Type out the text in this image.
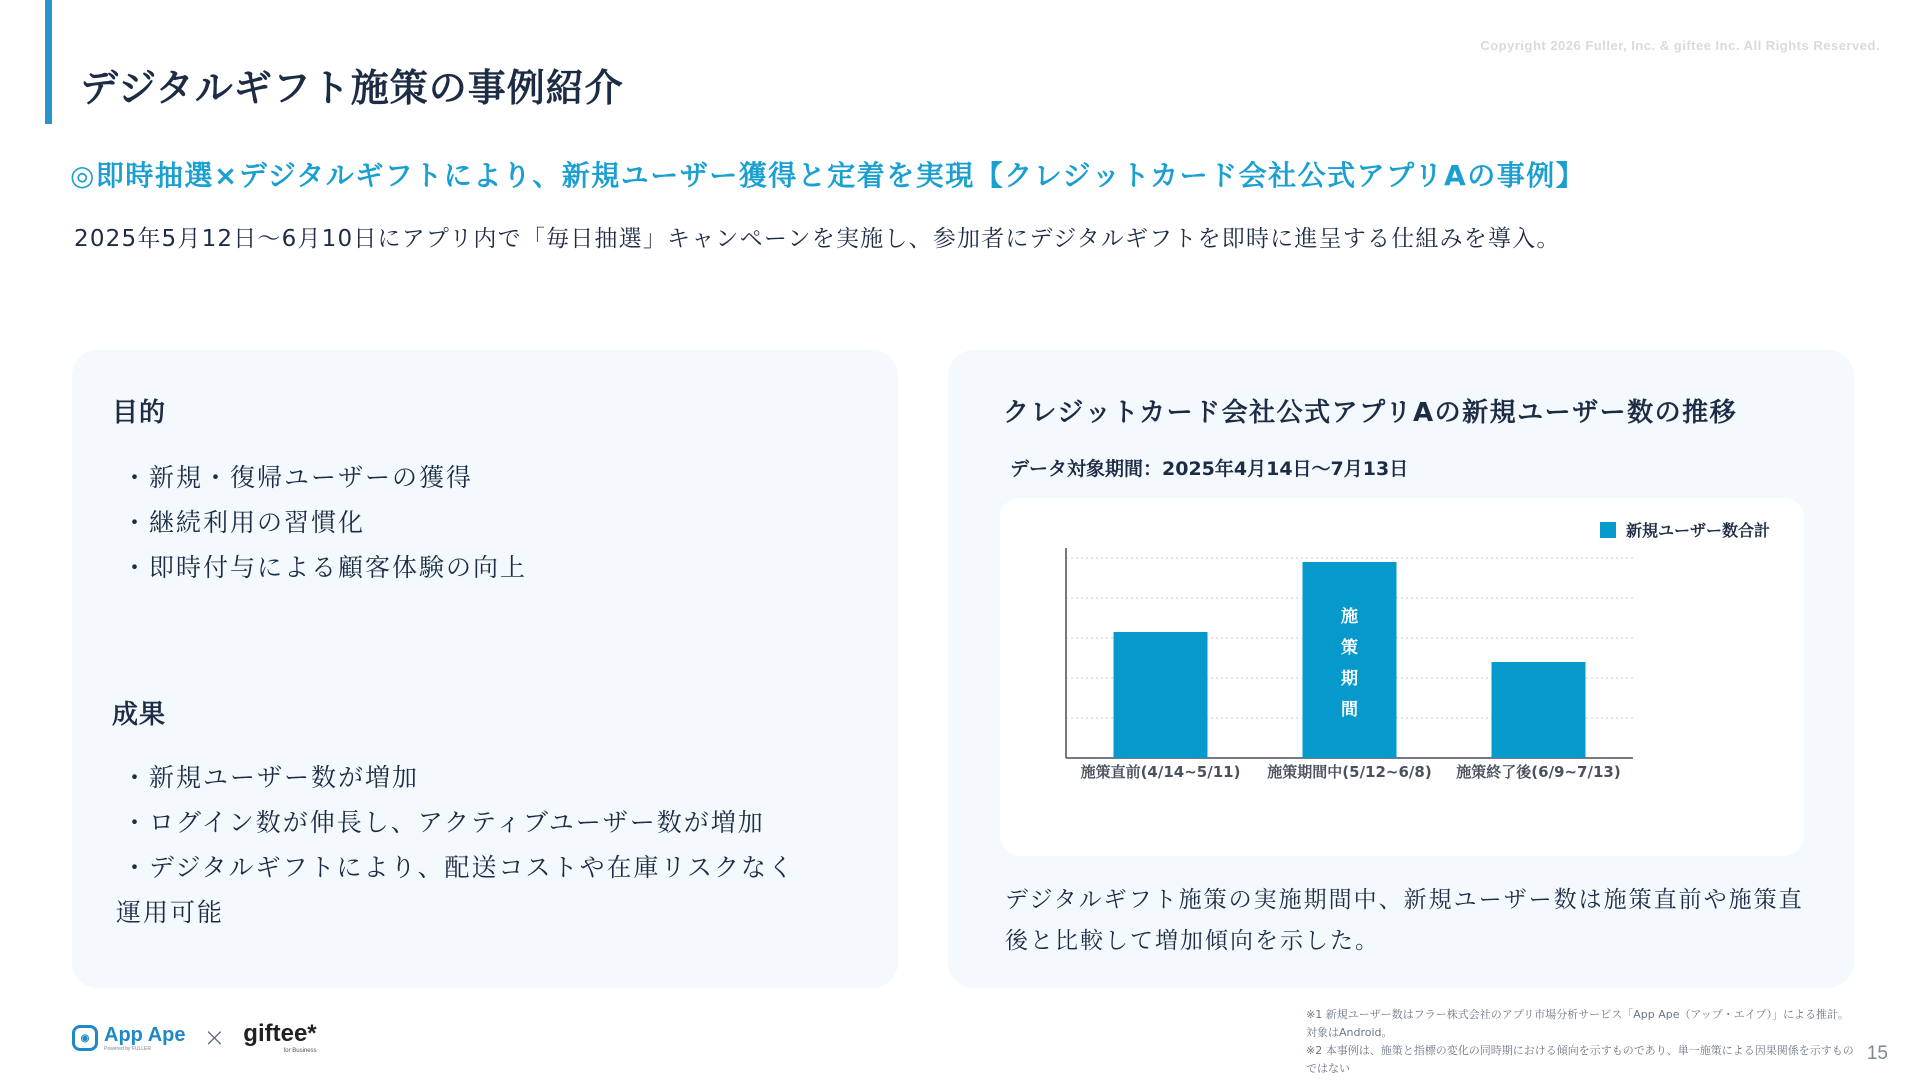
Copyright 2026 Fuller, Inc. & giftee Inc. All Rights Reserved.
デジタルギフト施策の事例紹介
◎即時抽選×デジタルギフトにより、新規ユーザー獲得と定着を実現【クレジットカード会社公式アプリAの事例】
2025年5月12日〜6月10日にアプリ内で「毎日抽選」キャンペーンを実施し、参加者にデジタルギフトを即時に進呈する仕組みを導入。
目的
・新規・復帰ユーザーの獲得
・継続利用の習慣化
・即時付与による顧客体験の向上
成果
・新規ユーザー数が増加
・ログイン数が伸長し、アクティブユーザー数が増加
・デジタルギフトにより、配送コストや在庫リスクなく
運用可能
クレジットカード会社公式アプリAの新規ユーザー数の推移
データ対象期間：2025年4月14日〜7月13日
新規ユーザー数合計
施策直前(4/14~5/11) 施策期間中(5/12~6/8) 施策終了後(6/9~7/13)
施
策
期
間
デジタルギフト施策の実施期間中、新規ユーザー数は施策直前や施策直後と比較して増加傾向を示した。
◉ App Ape
Powered by FULLER	× giftee*
for Business
※1 新規ユーザー数はフラー株式会社のアプリ市場分析サービス「App Ape（アップ・エイプ）」による推計。対象はAndroid。
※2 本事例は、施策と指標の変化の同時期における傾向を示すものであり、単一施策による因果関係を示すものではない
15
